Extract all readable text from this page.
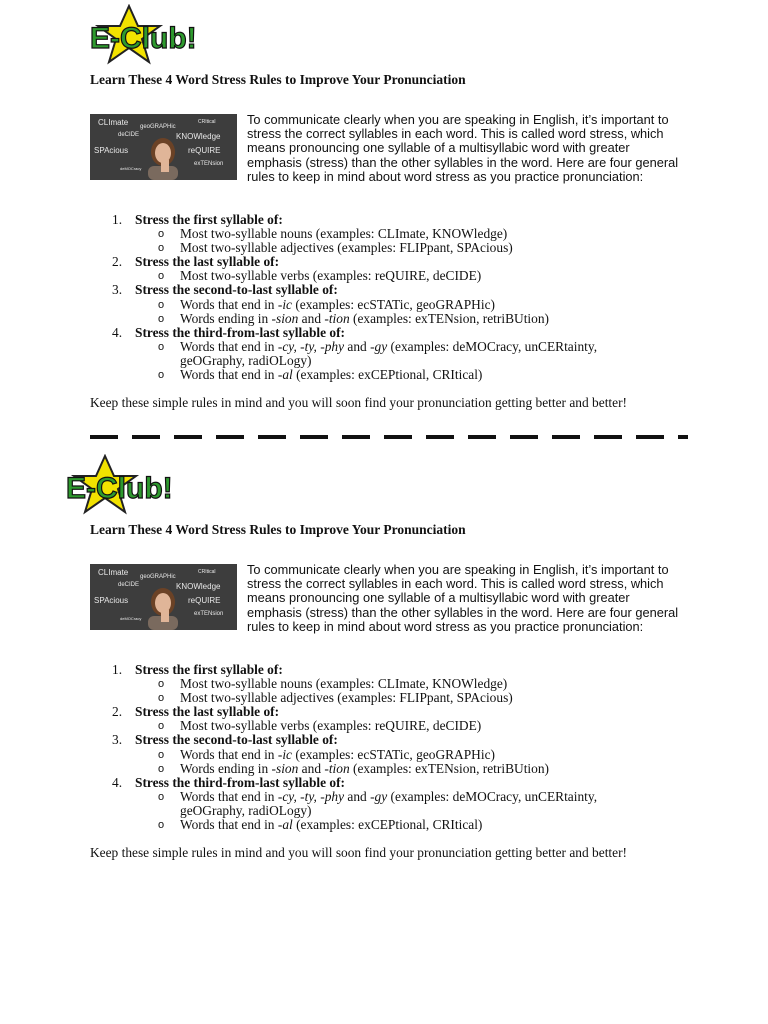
E-Club!
Learn These 4 Word Stress Rules to Improve Your Pronunciation
CLImate geoGRAPHic
CRItical
deCIDE	KNOWledge
SPAcious	reQUIRE
deMOCracy
exTENsion

To communicate clearly when you are speaking in English, it’s important to stress the correct syllables in each word. This is called word stress, which means pronouncing one syllable of a multisyllabic word with greater emphasis (stress) than the other syllables in the word. Here are four general rules to keep in mind about word stress as you practice pronunciation:

1. Stress the first syllable of:
o Most two-syllable nouns (examples: CLImate, KNOWledge)
o Most two-syllable adjectives (examples: FLIPpant, SPAcious)
2. Stress the last syllable of:
o Most two-syllable verbs (examples: reQUIRE, deCIDE)
3. Stress the second-to-last syllable of:
o Words that end in -ic (examples: ecSTATic, geoGRAPHic)
o Words ending in -sion and -tion (examples: exTENsion, retriBUtion)
4. Stress the third-from-last syllable of:
o Words that end in -cy, -ty, -phy and -gy (examples: deMOCracy, unCERtainty,
geOGraphy, radiOLogy)
o Words that end in -al (examples: exCEPtional, CRItical)

Keep these simple rules in mind and you will soon find your pronunciation getting better and better!

E-Club!
Learn These 4 Word Stress Rules to Improve Your Pronunciation
CLImate geoGRAPHic
CRItical
deCIDE	KNOWledge
SPAcious	reQUIRE
deMOCracy
exTENsion

To communicate clearly when you are speaking in English, it’s important to stress the correct syllables in each word. This is called word stress, which means pronouncing one syllable of a multisyllabic word with greater emphasis (stress) than the other syllables in the word. Here are four general rules to keep in mind about word stress as you practice pronunciation:

1. Stress the first syllable of:
o Most two-syllable nouns (examples: CLImate, KNOWledge)
o Most two-syllable adjectives (examples: FLIPpant, SPAcious)
2. Stress the last syllable of:
o Most two-syllable verbs (examples: reQUIRE, deCIDE)
3. Stress the second-to-last syllable of:
o Words that end in -ic (examples: ecSTATic, geoGRAPHic)
o Words ending in -sion and -tion (examples: exTENsion, retriBUtion)
4. Stress the third-from-last syllable of:
o Words that end in -cy, -ty, -phy and -gy (examples: deMOCracy, unCERtainty,
geOGraphy, radiOLogy)
o Words that end in -al (examples: exCEPtional, CRItical)

Keep these simple rules in mind and you will soon find your pronunciation getting better and better!
